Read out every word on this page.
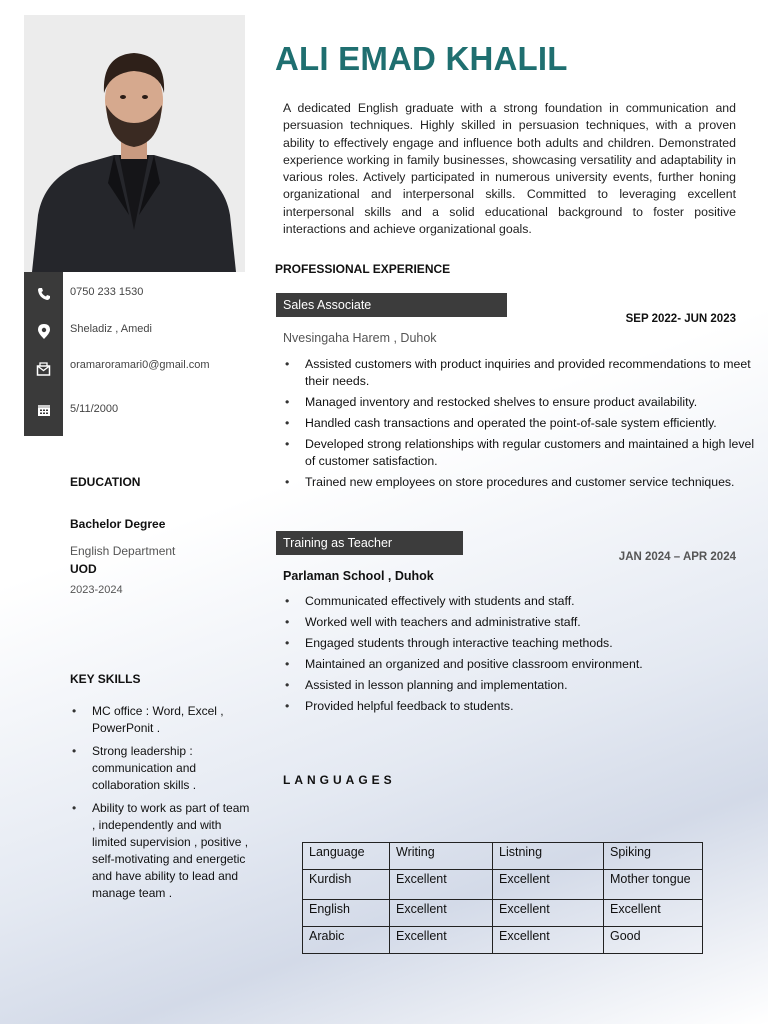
0750 233 1530
Sheladiz , Amedi
oramaroramari0@gmail.com
5/11/2000
EDUCATION
Bachelor Degree
English Department
UOD
2023-2024
KEY SKILLS
• MC office : Word, Excel , PowerPonit .
• Strong leadership : communication and collaboration skills .
• Ability to work as part of team , independently and with limited supervision , positive , self-motivating and energetic and have ability to lead and manage team .
ALI EMAD KHALIL

A dedicated English graduate with a strong foundation in communication and persuasion techniques. Highly skilled in persuasion techniques, with a proven ability to effectively engage and influence both adults and children. Demonstrated experience working in family businesses, showcasing versatility and adaptability in various roles. Actively participated in numerous university events, further honing organizational and interpersonal skills. Committed to leveraging excellent interpersonal skills and a solid educational background to foster positive interactions and achieve organizational goals.

PROFESSIONAL EXPERIENCE
Sales Associate
SEP 2022- JUN 2023
Nvesingaha Harem , Duhok
• Assisted customers with product inquiries and provided recommendations to meet their needs.
• Managed inventory and restocked shelves to ensure product availability.
• Handled cash transactions and operated the point-of-sale system efficiently.
• Developed strong relationships with regular customers and maintained a high level of customer satisfaction.
• Trained new employees on store procedures and customer service techniques.
Training as Teacher
JAN 2024 – APR 2024
Parlaman School , Duhok
• Communicated effectively with students and staff.
• Worked well with teachers and administrative staff.
• Engaged students through interactive teaching methods.
• Maintained an organized and positive classroom environment.
• Assisted in lesson planning and implementation.
• Provided helpful feedback to students.
LANGUAGES
Language	Writing	Listning	Spiking
Kurdish	Excellent	Excellent	Mother tongue
English	Excellent	Excellent	Excellent
Arabic	Excellent	Excellent	Good
